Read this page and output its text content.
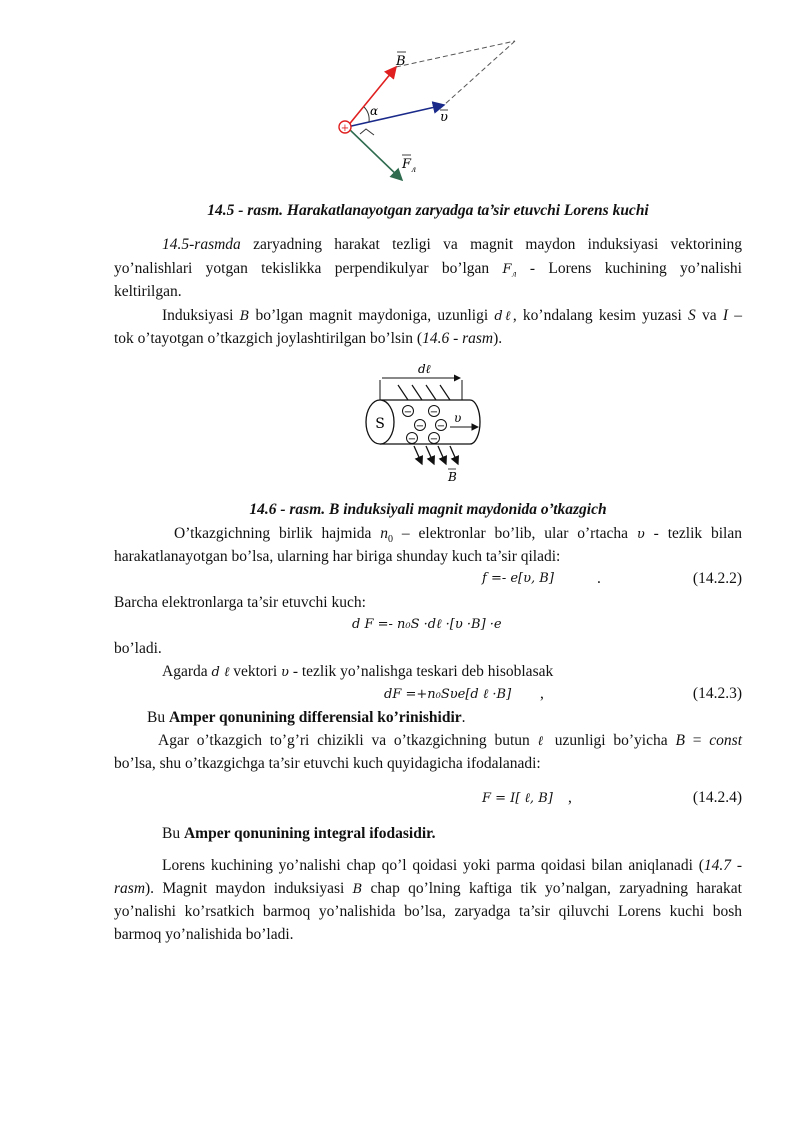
+
B
α	υ
F л
14.5 - rasm. Harakatlanayotgan zaryadga ta’sir etuvchi Lorens kuchi
14.5-rasmda zaryadning harakat tezligi va magnit maydon induksiyasi vektorining
yo’nalishlari yotgan tekislikka perpendikulyar bo’lgan $F_л$ - Lorens kuchining yo’nalishi
keltirilgan.
Induksiyasi B bo’lgan magnit maydoniga, uzunligi dℓ, ko’ndalang kesim yuzasi S va I –
tok o’tayotgan o’tkazgich joylashtirilgan bo’lsin (14.6 - rasm).
dℓ
S
− −
− −
− −
υ
B
14.6 - rasm. B induksiyali magnit maydonida o’tkazgich
O’tkazgichning birlik hajmida $n_0$ – elektronlar bo’lib, ular o’rtacha υ - tezlik bilan
harakatlanayotgan bo’lsa, ularning har biriga shunday kuch ta’sir qiladi:
f =- e[υ, B]	.	(14.2.2)
Barcha elektronlarga ta’sir etuvchi kuch:
d F =- n₀S ·dℓ ·[υ ·B] ·e
bo’ladi.
Agarda d ℓ vektori υ - tezlik yo’nalishga teskari deb hisoblasak
dF =+n₀Sυe[d ℓ ·B] ,	(14.2.3)
Bu Amper qonunining differensial ko’rinishidir.
Agar o’tkazgich to’g’ri chizikli va o’tkazgichning butun ℓ uzunligi bo’yicha B = const
bo’lsa, shu o’tkazgichga ta’sir etuvchi kuch quyidagicha ifodalanadi:
F = I[ ℓ, B] ,	(14.2.4)
Bu Amper qonunining integral ifodasidir.
Lorens kuchining yo’nalishi chap qo’l qoidasi yoki parma qoidasi bilan aniqlanadi (14.7 -
rasm). Magnit maydon induksiyasi B chap qo’lning kaftiga tik yo’nalgan, zaryadning harakat
yo’nalishi ko’rsatkich barmoq yo’nalishida bo’lsa, zaryadga ta’sir qiluvchi Lorens kuchi bosh
barmoq yo’nalishida bo’ladi.
